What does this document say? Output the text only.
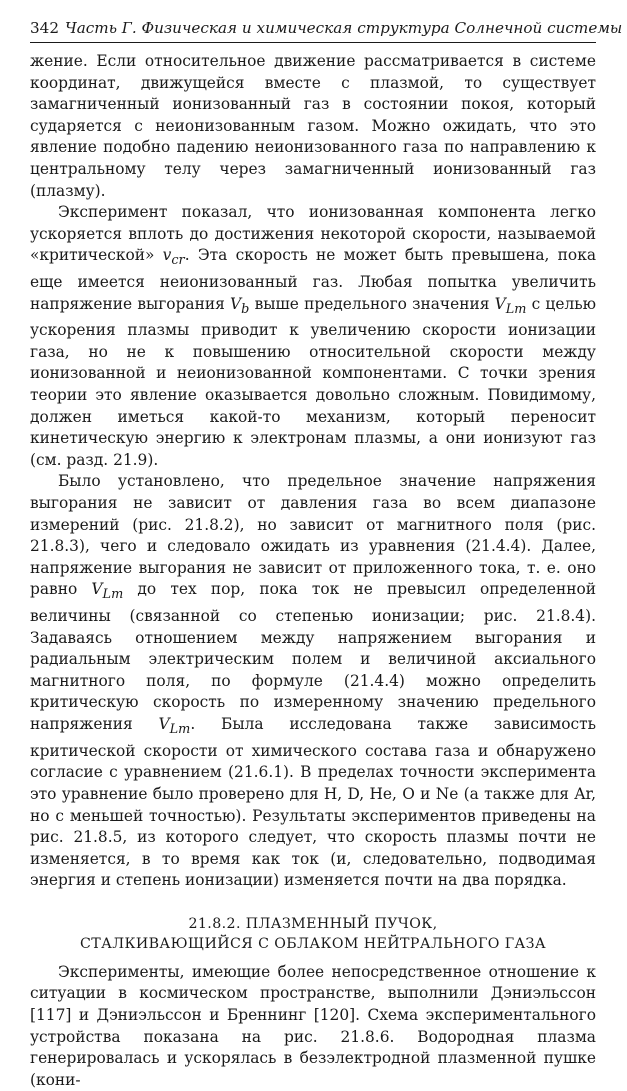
342 Часть Г. Физическая и химическая структура Солнечной системы

жение. Если относительное движение рассматривается в системе координат, движущейся вместе с плазмой, то существует замагниченный ионизованный газ в состоянии покоя, который сударяется с неионизованным газом. Можно ожидать, что это явление подобно падению неионизованного газа по направлению к центральному телу через замагниченный ионизованный газ (плазму).

Эксперимент показал, что ионизованная компонента легко ускоряется вплоть до достижения некоторой скорости, называемой «критической» $v_{cr}$. Эта скорость не может быть превышена, пока еще имеется неионизованный газ. Любая попытка увеличить напряжение выгорания $V_b$ выше предельного значения $V_{Lm}$ с целью ускорения плазмы приводит к увеличению скорости ионизации газа, но не к повышению относительной скорости между ионизованной и неионизованной компонентами. С точки зрения теории это явление оказывается довольно сложным. Повидимому, должен иметься какой-то механизм, который переносит кинетическую энергию к электронам плазмы, а они ионизуют газ (см. разд. 21.9).

Было установлено, что предельное значение напряжения выгорания не зависит от давления газа во всем диапазоне измерений (рис. 21.8.2), но зависит от магнитного поля (рис. 21.8.3), чего и следовало ожидать из уравнения (21.4.4). Далее, напряжение выгорания не зависит от приложенного тока, т. е. оно равно $V_{Lm}$ до тех пор, пока ток не превысил определенной величины (связанной со степенью ионизации; рис. 21.8.4). Задаваясь отношением между напряжением выгорания и радиальным электрическим полем и величиной аксиального магнитного поля, по формуле (21.4.4) можно определить критическую скорость по измеренному значению предельного напряжения $V_{Lm}$. Была исследована также зависимость критической скорости от химического состава газа и обнаружено согласие с уравнением (21.6.1). В пределах точности эксперимента это уравнение было проверено для H, D, He, O и Ne (а также для Ar, но с меньшей точностью). Результаты экспериментов приведены на рис. 21.8.5, из которого следует, что скорость плазмы почти не изменяется, в то время как ток (и, следовательно, подводимая энергия и степень ионизации) изменяется почти на два порядка.

21.8.2. ПЛАЗМЕННЫЙ ПУЧОК,
СТАЛКИВАЮЩИЙСЯ С ОБЛАКОМ НЕЙТРАЛЬНОГО ГАЗА

Эксперименты, имеющие более непосредственное отношение к ситуации в космическом пространстве, выполнили Дэниэльссон [117] и Дэниэльссон и Бреннинг [120]. Схема экспериментального устройства показана на рис. 21.8.6. Водородная плазма генерировалась и ускорялась в безэлектродной плазменной пушке (кони-
